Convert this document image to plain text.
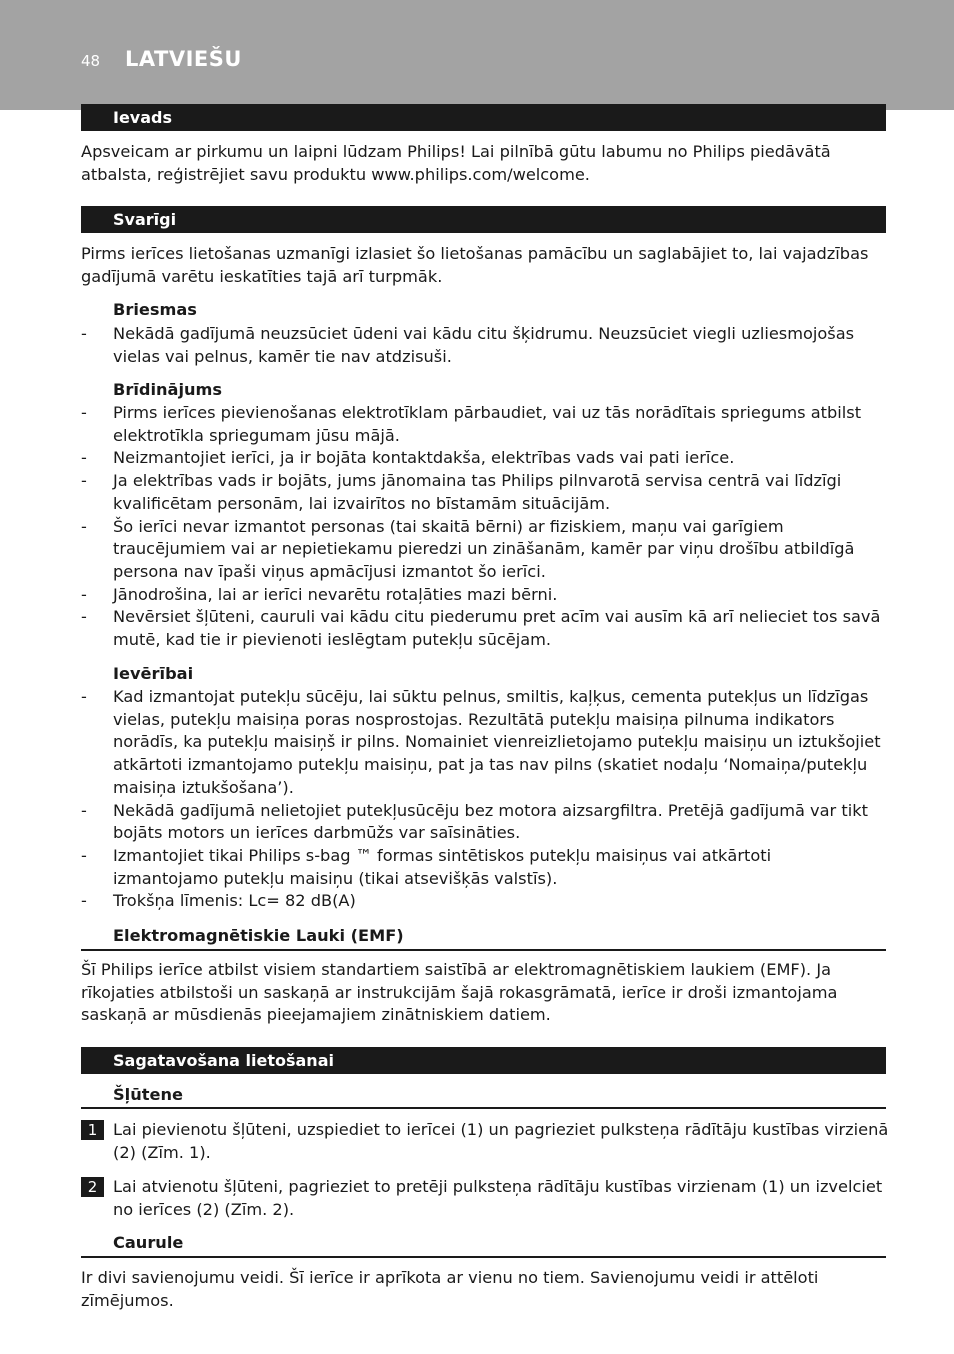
48 LATVIEŠU
Ievads

Apsveicam ar pirkumu un laipni lūdzam Philips! Lai pilnībā gūtu labumu no Philips piedāvātā atbalsta, reģistrējiet savu produktu www.philips.com/welcome.

Svarīgi

Pirms ierīces lietošanas uzmanīgi izlasiet šo lietošanas pamācību un saglabājiet to, lai vajadzības gadījumā varētu ieskatīties tajā arī turpmāk.

Briesmas
- Nekādā gadījumā neuzsūciet ūdeni vai kādu citu šķidrumu. Neuzsūciet viegli uzliesmojošas vielas vai pelnus, kamēr tie nav atdzisuši.
Brīdinājums
- Pirms ierīces pievienošanas elektrotīklam pārbaudiet, vai uz tās norādītais spriegums atbilst elektrotīkla spriegumam jūsu mājā.
- Neizmantojiet ierīci, ja ir bojāta kontaktdakša, elektrības vads vai pati ierīce.
- Ja elektrības vads ir bojāts, jums jānomaina tas Philips pilnvarotā servisa centrā vai līdzīgi kvalificētam personām, lai izvairītos no bīstamām situācijām.
- Šo ierīci nevar izmantot personas (tai skaitā bērni) ar fiziskiem, maņu vai garīgiem traucējumiem vai ar nepietiekamu pieredzi un zināšanām, kamēr par viņu drošību atbildīgā persona nav īpaši viņus apmācījusi izmantot šo ierīci.
- Jānodrošina, lai ar ierīci nevarētu rotaļāties mazi bērni.
- Nevērsiet šļūteni, cauruli vai kādu citu piederumu pret acīm vai ausīm kā arī nelieciet tos savā mutē, kad tie ir pievienoti ieslēgtam putekļu sūcējam.
Ievērībai
- Kad izmantojat putekļu sūcēju, lai sūktu pelnus, smiltis, kaļķus, cementa putekļus un līdzīgas vielas, putekļu maisiņa poras nosprostojas. Rezultātā putekļu maisiņa pilnuma indikators norādīs, ka putekļu maisiņš ir pilns. Nomainiet vienreizlietojamo putekļu maisiņu un iztukšojiet atkārtoti izmantojamo putekļu maisiņu, pat ja tas nav pilns (skatiet nodaļu ‘Nomaiņa/putekļu maisiņa iztukšošana’).
- Nekādā gadījumā nelietojiet putekļusūcēju bez motora aizsargfiltra. Pretējā gadījumā var tikt bojāts motors un ierīces darbmūžs var saīsināties.
- Izmantojiet tikai Philips s-bag ™ formas sintētiskos putekļu maisiņus vai atkārtoti izmantojamo putekļu maisiņu (tikai atsevišķās valstīs).
- Trokšņa līmenis: Lc= 82 dB(A)
Elektromagnētiskie Lauki (EMF)

Šī Philips ierīce atbilst visiem standartiem saistībā ar elektromagnētiskiem laukiem (EMF). Ja rīkojaties atbilstoši un saskaņā ar instrukcijām šajā rokasgrāmatā, ierīce ir droši izmantojama saskaņā ar mūsdienās pieejamajiem zinātniskiem datiem.

Sagatavošana lietošanai
Šļūtene
1 Lai pievienotu šļūteni, uzspiediet to ierīcei (1) un pagrieziet pulksteņa rādītāju kustības virzienā (2) (Zīm. 1).
2 Lai atvienotu šļūteni, pagrieziet to pretēji pulksteņa rādītāju kustības virzienam (1) un izvelciet no ierīces (2) (Zīm. 2).
Caurule

Ir divi savienojumu veidi. Šī ierīce ir aprīkota ar vienu no tiem. Savienojumu veidi ir attēloti zīmējumos.
